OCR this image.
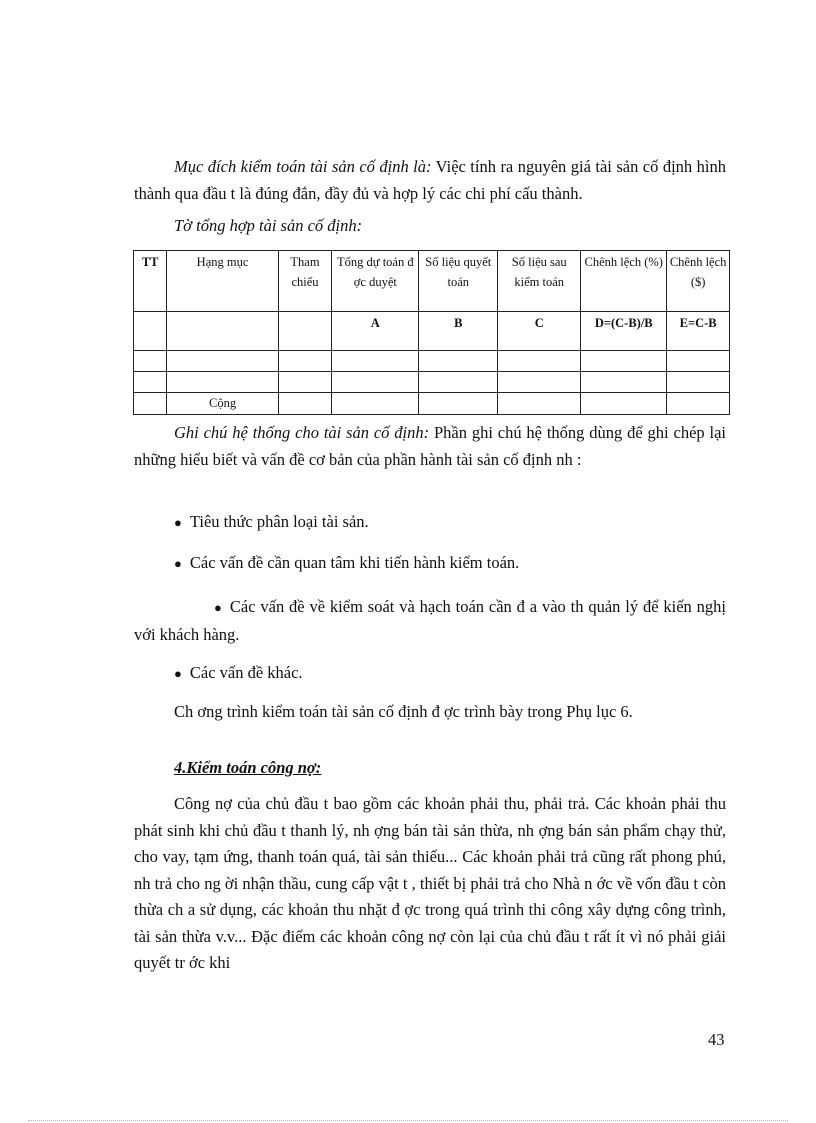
Mục đích kiểm toán tài sản cố định là: Việc tính ra nguyên giá tài sản cố định hình thành qua đầu t là đúng đắn, đầy đủ và hợp lý các chi phí cấu thành.

Tờ tổng hợp tài sản cố định:

TT	Hạng mục	Tham chiếu	Tổng dự toán đ ợc duyệt	Số liệu quyết toán	Số liệu sau kiểm toán	Chênh lệch (%)	Chênh lệch ($)
			A	B	C	D=(C-B)/B	E=C-B

	Cộng						

Ghi chú hệ thống cho tài sản cố định: Phần ghi chú hệ thống dùng để ghi chép lại những hiểu biết và vấn đề cơ bản của phần hành tài sản cố định nh :

● Tiêu thức phân loại tài sản.

● Các vấn đề cần quan tâm khi tiến hành kiểm toán.

● Các vấn đề về kiểm soát và hạch toán cần đ a vào th quản lý để kiến nghị với khách hàng.

● Các vấn đề khác.

Ch ơng trình kiểm toán tài sản cố định đ ợc trình bày trong Phụ lục 6.

4.Kiểm toán công nợ:

Công nợ của chủ đầu t bao gồm các khoản phải thu, phải trả. Các khoản phải thu phát sinh khi chủ đầu t thanh lý, nh ợng bán tài sản thừa, nh ợng bán sản phẩm chạy thử, cho vay, tạm ứng, thanh toán quá, tài sản thiếu... Các khoản phải trả cũng rất phong phú, nh trả cho ng ời nhận thầu, cung cấp vật t , thiết bị phải trả cho Nhà n ớc về vốn đầu t còn thừa ch a sử dụng, các khoản thu nhặt đ ợc trong quá trình thi công xây dựng công trình, tài sản thừa v.v... Đặc điểm các khoản công nợ còn lại của chủ đầu t rất ít vì nó phải giải quyết tr ớc khi

43
